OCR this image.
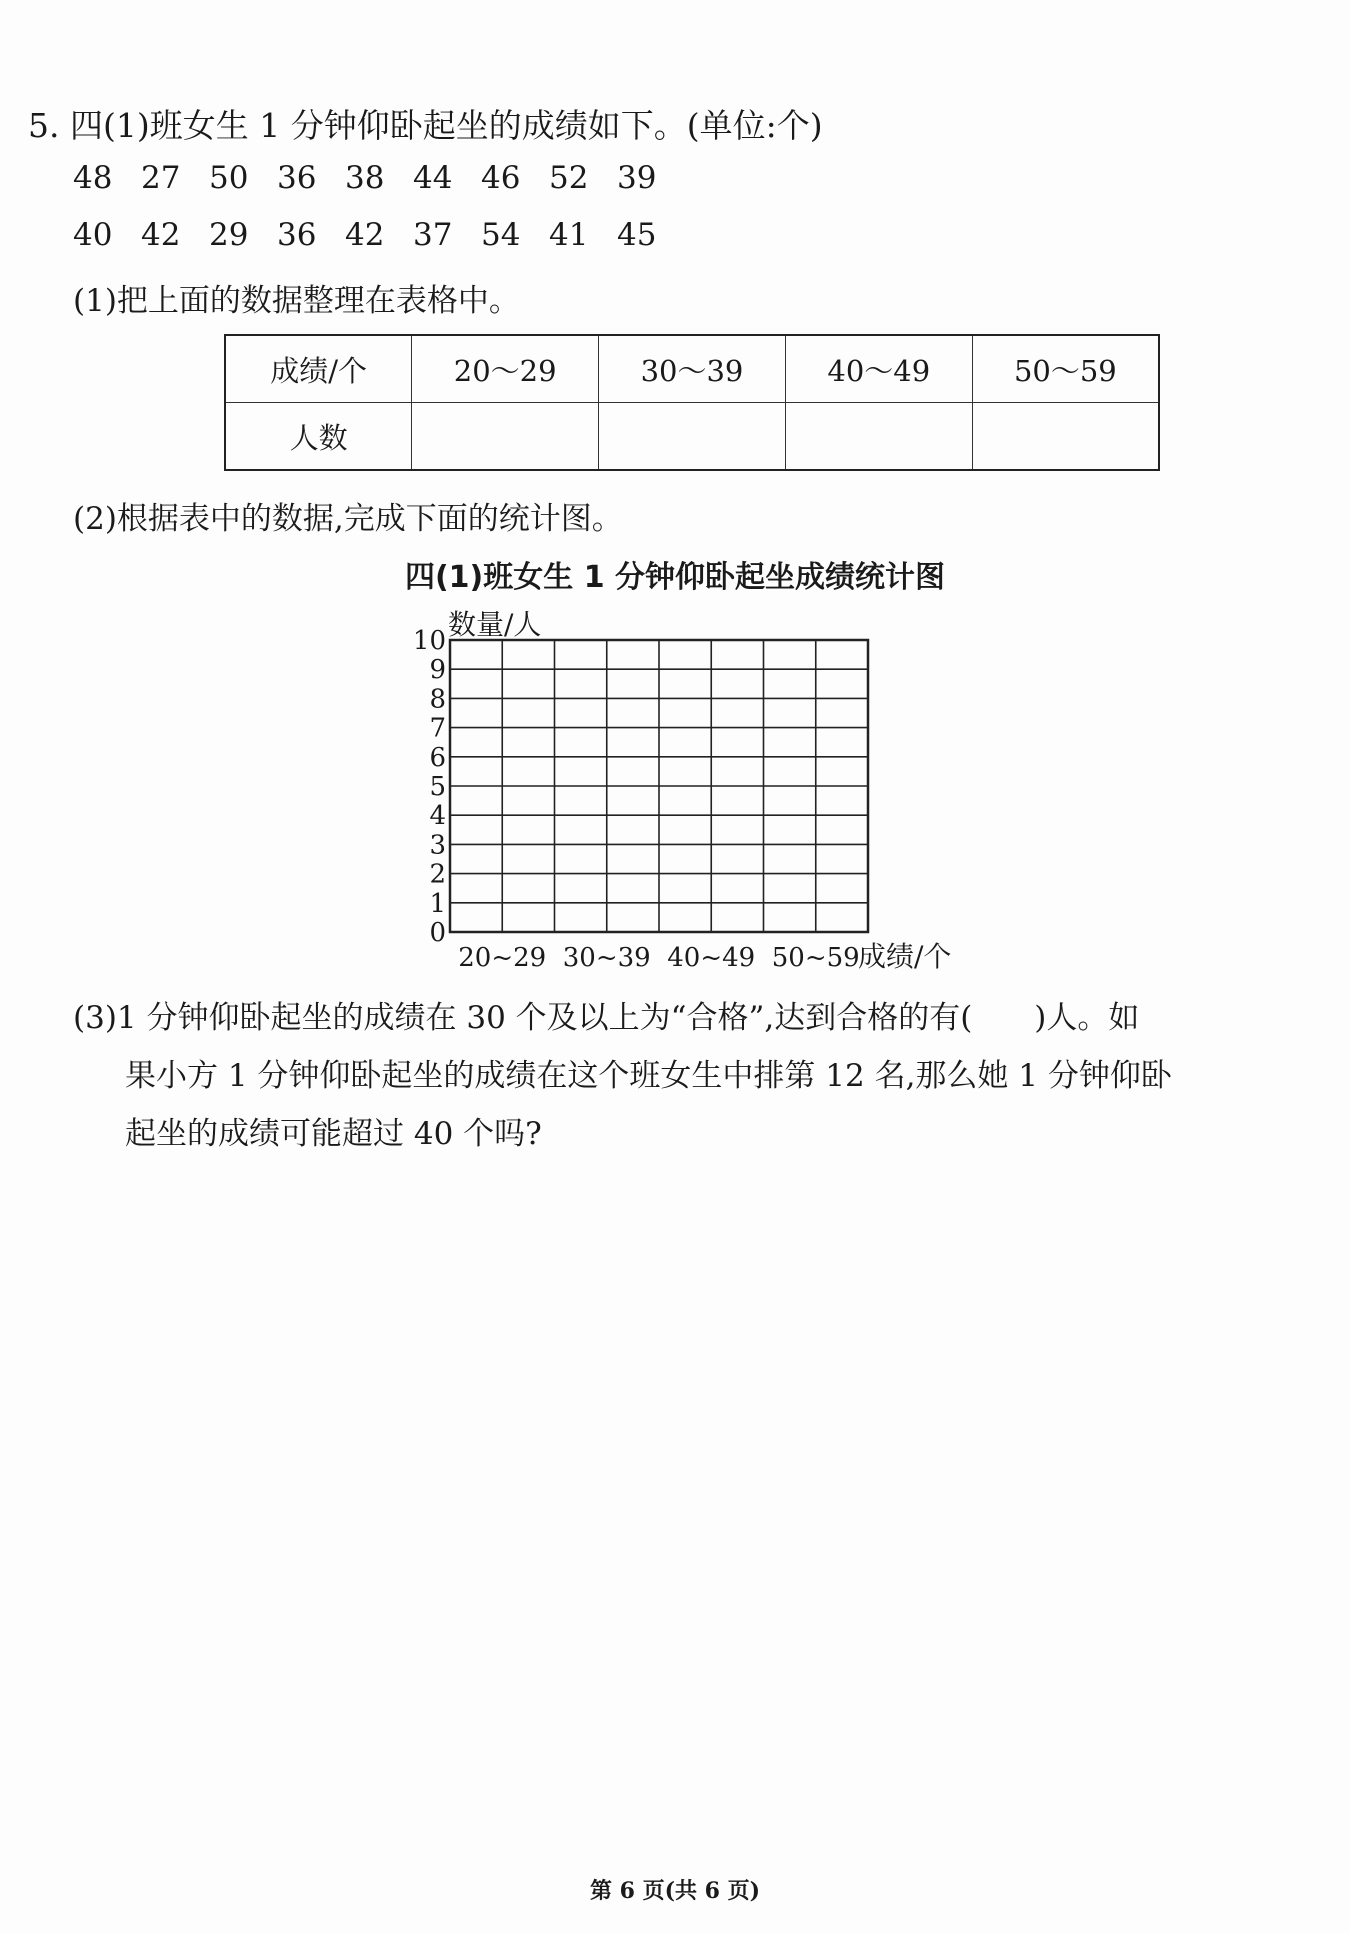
5. 四(1)班女生 1 分钟仰卧起坐的成绩如下。(单位:个)
48 27 50 36 38 44 46 52 39
40 42 29 36 42 37 54 41 45
(1)把上面的数据整理在表格中。
成绩/个	20～29	30～39	40～49	50～59
人数				
(2)根据表中的数据,完成下面的统计图。
四(1)班女生 1 分钟仰卧起坐成绩统计图
0
1
2
3
4
5
6
7
8
9
10 数量/人
20~29 30~39 40~49 50~59
成绩/个
(3)1 分钟仰卧起坐的成绩在 30 个及以上为“合格”,达到合格的有(　　)人。如
果小方 1 分钟仰卧起坐的成绩在这个班女生中排第 12 名,那么她 1 分钟仰卧
起坐的成绩可能超过 40 个吗?
第 6 页(共 6 页)
